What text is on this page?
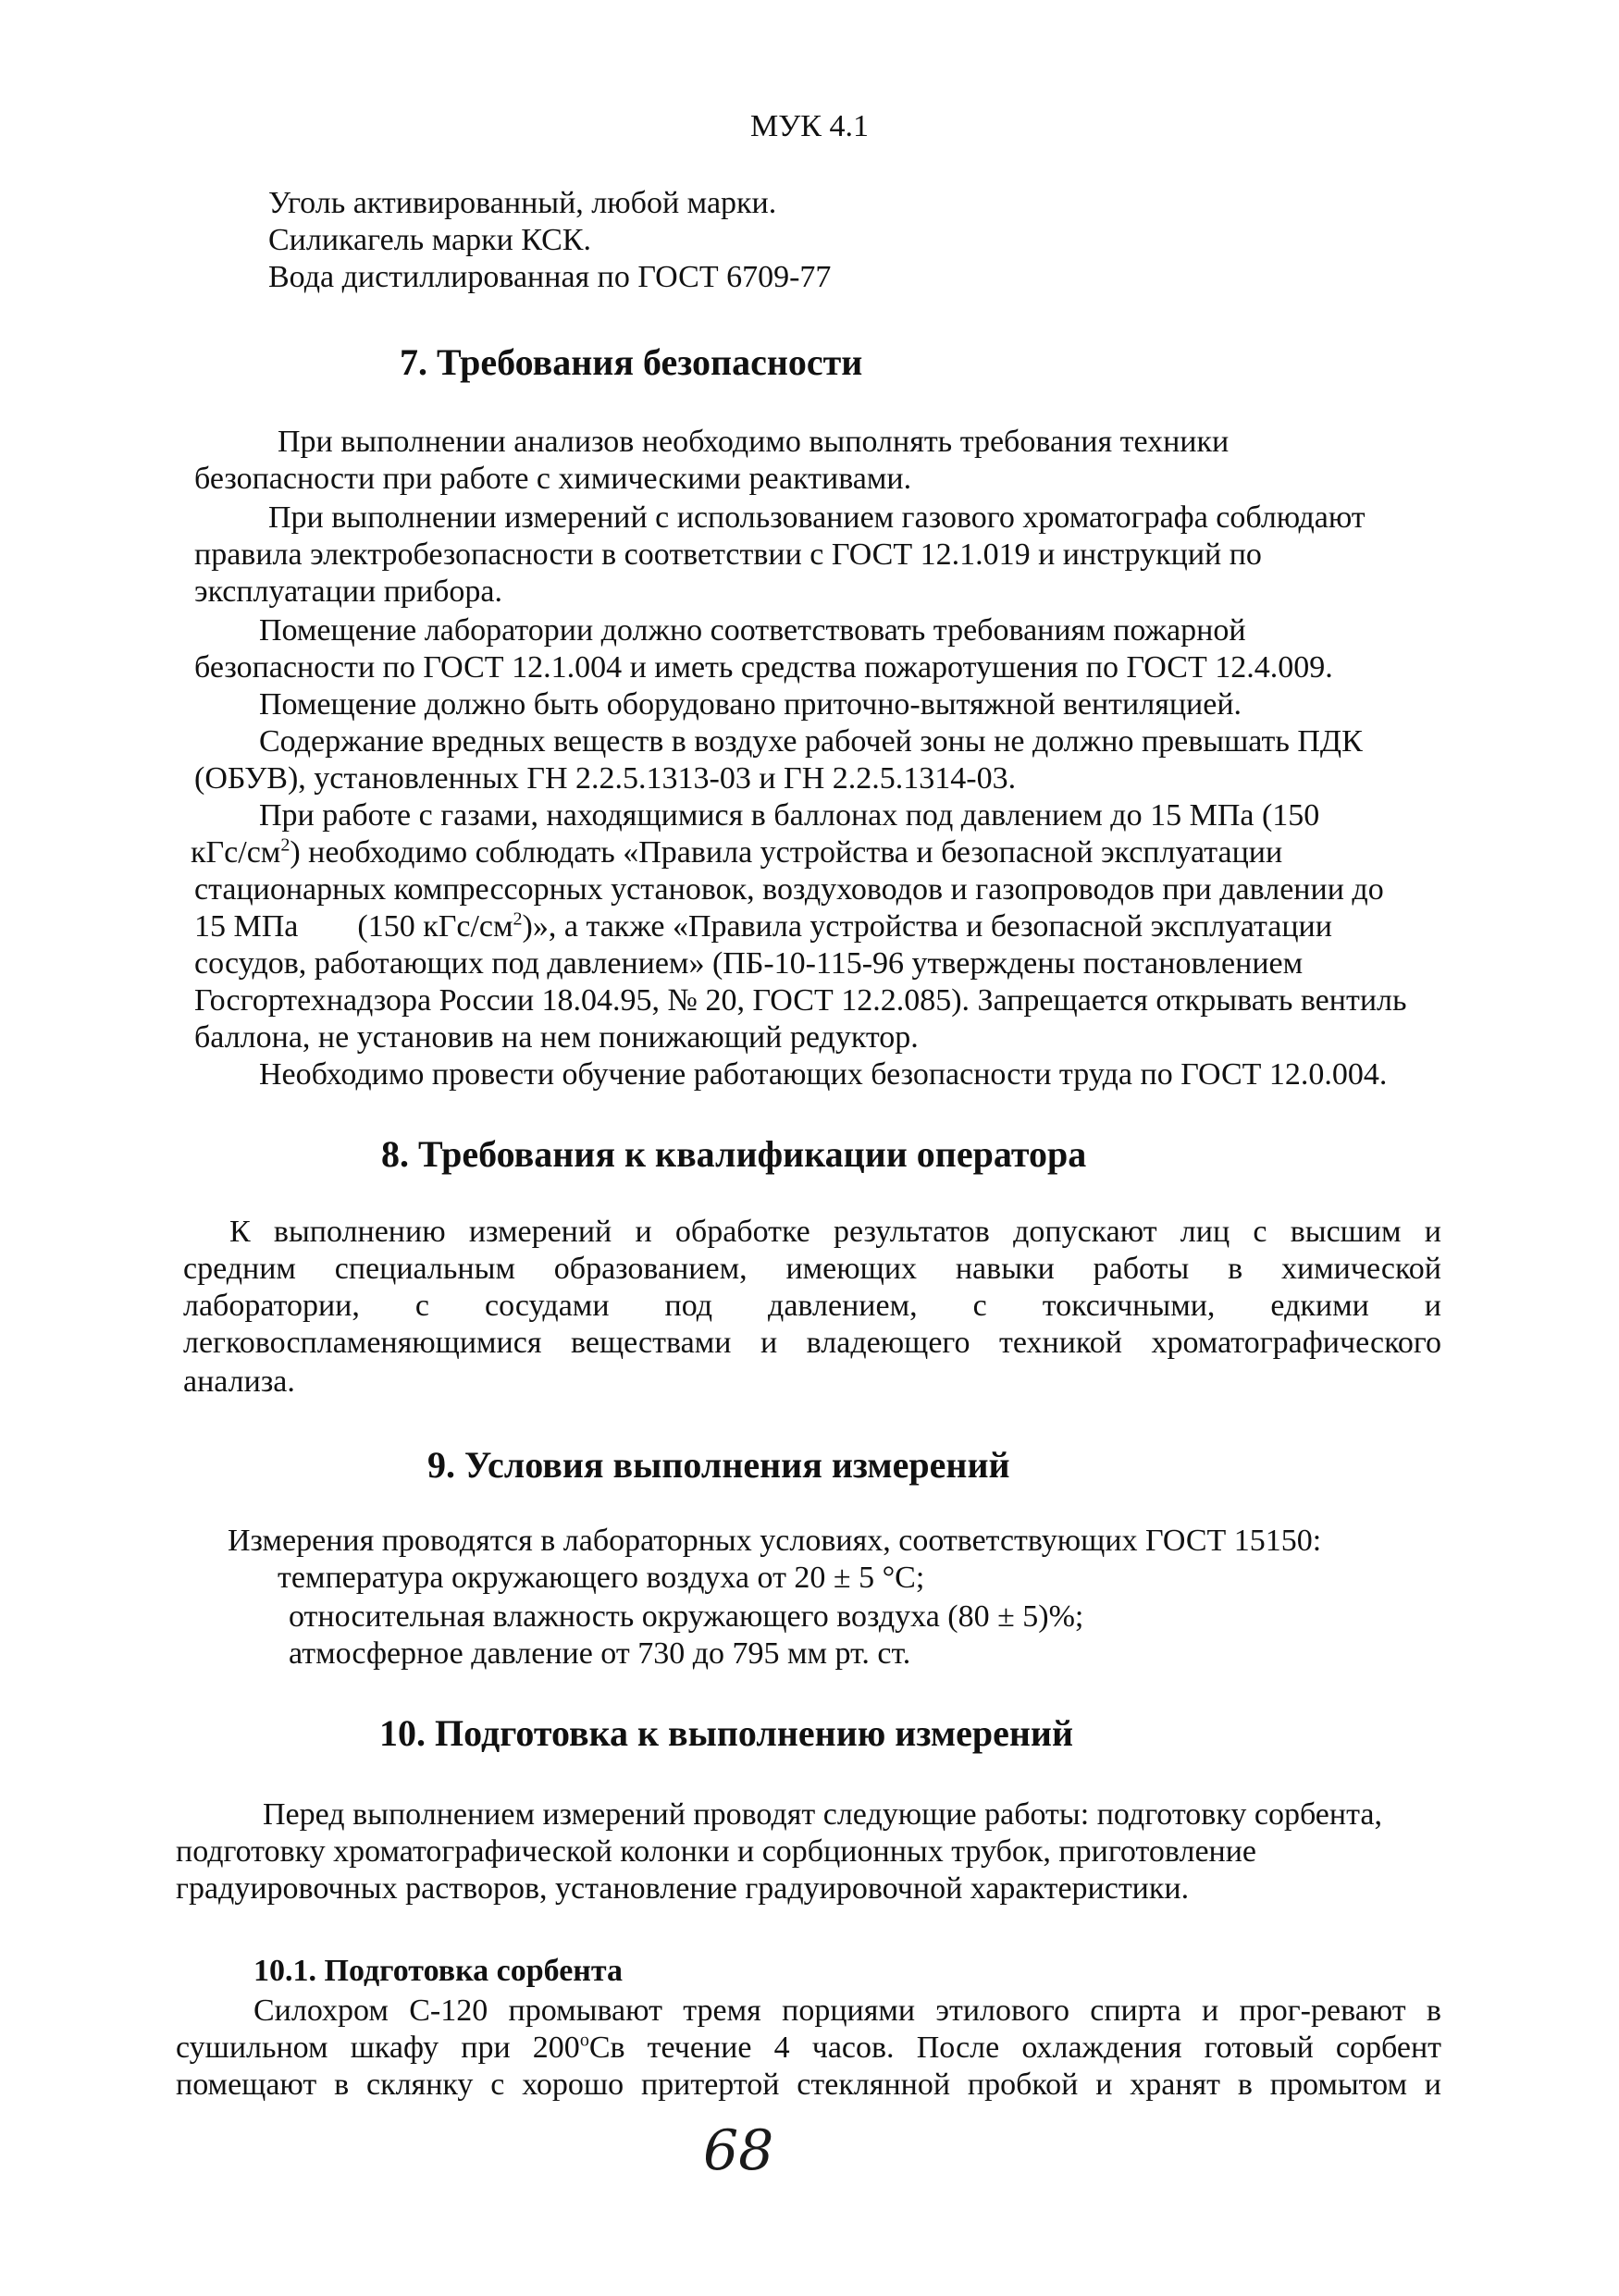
МУК 4.1
Уголь активированный, любой марки.
Силикагель марки КСК.
Вода дистиллированная по ГОСТ 6709-77
7. Требования безопасности
При выполнении анализов необходимо выполнять требования техники
безопасности при работе с химическими реактивами.
При выполнении измерений с использованием газового хроматографа соблюдают
правила электробезопасности в соответствии с ГОСТ 12.1.019 и инструкций по
эксплуатации прибора.
Помещение лаборатории должно соответствовать требованиям пожарной
безопасности по ГОСТ 12.1.004 и иметь средства пожаротушения по ГОСТ 12.4.009.
Помещение должно быть оборудовано приточно-вытяжной вентиляцией.
Содержание вредных веществ в воздухе рабочей зоны не должно превышать ПДК
(ОБУВ), установленных ГН 2.2.5.1313-03 и ГН 2.2.5.1314-03.
При работе с газами, находящимися в баллонах под давлением до 15 МПа (150
кГс/$см^2$) необходимо соблюдать «Правила устройства и безопасной эксплуатации
стационарных компрессорных установок, воздуховодов и газопроводов при давлении до
15 МПа (150 кГс/$см^2$)», а также «Правила устройства и безопасной эксплуатации
сосудов, работающих под давлением» (ПБ-10-115-96 утверждены постановлением
Госгортехнадзора России 18.04.95, № 20, ГОСТ 12.2.085). Запрещается открывать вентиль
баллона, не установив на нем понижающий редуктор.
Необходимо провести обучение работающих безопасности труда по ГОСТ 12.0.004.
8. Требования к квалификации оператора
К выполнению измерений и обработке результатов допускают лиц с высшим и
средним специальным образованием, имеющих навыки работы в химической
лаборатории, с сосудами под давлением, с токсичными, едкими и
легковоспламеняющимися веществами и владеющего техникой хроматографического
анализа.
9. Условия выполнения измерений
Измерения проводятся в лабораторных условиях, соответствующих ГОСТ 15150:
температура окружающего воздуха от 20 ± 5 °С;
относительная влажность окружающего воздуха (80 ± 5)%;
атмосферное давление от 730 до 795 мм рт. ст.
10. Подготовка к выполнению измерений
Перед выполнением измерений проводят следующие работы: подготовку сорбента,
подготовку хроматографической колонки и сорбционных трубок, приготовление
градуировочных растворов, установление градуировочной характеристики.
10.1. Подготовка сорбента
Силохром С-120 промывают тремя порциями этилового спирта и прог-ревают в
сушильном шкафу при 200$^o$Св течение 4 часов. После охлаждения готовый сорбент
помещают в склянку с хорошо притертой стеклянной пробкой и хранят в промытом и
68
